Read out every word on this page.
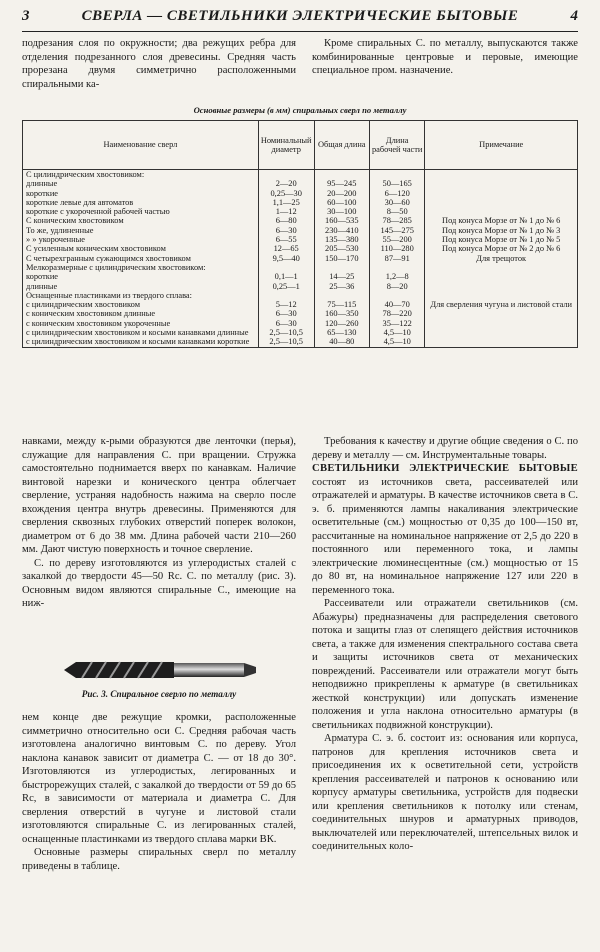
3	СВЕРЛА — СВЕТИЛЬНИКИ ЭЛЕКТРИЧЕСКИЕ БЫТОВЫЕ	4

подрезания слоя по окружности; два режущих ребра для отделения подрезанного слоя древесины. Средняя часть прорезана двумя симметрично расположенными спиральными ка-

Кроме спиральных С. по металлу, выпускаются также комбинированные центровые и перовые, имеющие специальное пром. назначение.

Основные размеры (в мм) спиральных сверл по металлу
Наименование сверл	Номинальный диаметр	Общая длина	Длина рабочей части	Примечание
С цилиндрическим хвостовиком:				
длинные	2—20	95—245	50—165	
короткие	0,25—30	20—200	6—120	
короткие левые для автоматов	1,1—25	60—100	30—60	
короткие с укороченной рабочей частью	1—12	30—100	8—50	
С коническим хвостовиком	6—80	160—535	78—285	Под конуса Морзе от № 1 до № 6
То же, удлиненные	6—30	230—410	145—275	Под конуса Морзе от № 1 до № 3
» » укороченные	6—55	135—380	55—200	Под конуса Морзе от № 1 до № 5
С усиленным коническим хвостовиком	12—65	205—530	110—280	Под конуса Морзе от № 2 до № 6
С четырехгранным сужающимся хвостовиком	9,5—40	150—170	87—91	Для трещоток
Мелкоразмерные с цилиндрическим хвостовиком:				
короткие	0,1—1	14—25	1,2—8	
длинные	0,25—1	25—36	8—20	
Оснащенные пластинками из твердого сплава:				
с цилиндрическим хвостовиком	5—12	75—115	40—70	Для сверления чугуна и листовой стали
с коническим хвостовиком длинные	6—30	160—350	78—220	
с коническим хвостовиком укороченные	6—30	120—260	35—122	
с цилиндрическим хвостовиком и косыми канавками длинные	2,5—10,5	65—130	4,5—10	
с цилиндрическим хвостовиком и косыми канавками короткие	2,5—10,5	40—80	4,5—10	

навками, между к-рыми образуются две ленточки (перья), служащие для направления С. при вращении. Стружка самостоятельно поднимается вверх по канавкам. Наличие винтовой нарезки и конического центра облегчает сверление, устраняя надобность нажима на сверло после вхождения центра внутрь древесины. Применяются для сверления сквозных глубоких отверстий поперек волокон, диаметром от 6 до 38 мм. Длина рабочей части 210—260 мм. Дают чистую поверхность и точное сверление.

С. по дереву изготовляются из углеродистых сталей с закалкой до твердости 45—50 Rc. С. по металлу (рис. 3). Основным видом являются спиральные С., имеющие на ниж-

Рис. 3. Спиральное сверло по металлу

нем конце две режущие кромки, расположенные симметрично относительно оси С. Средняя рабочая часть изготовлена аналогично винтовым С. по дереву. Угол наклона канавок зависит от диаметра С. — от 18 до 30°. Изготовляются из углеродистых, легированных и быстрорежущих сталей, с закалкой до твердости от 59 до 65 Rc, в зависимости от материала и диаметра С. Для сверления отверстий в чугуне и листовой стали изготовляются спиральные С. из легированных сталей, оснащенные пластинками из твердого сплава марки ВК.

Основные размеры спиральных сверл по металлу приведены в таблице.

Требования к качеству и другие общие сведения о С. по дереву и металлу — см. Инструментальные товары.

СВЕТИЛЬНИКИ ЭЛЕКТРИЧЕСКИЕ БЫТОВЫЕ состоят из источников света, рассеивателей или отражателей и арматуры. В качестве источников света в С. э. б. применяются лампы накаливания электрические осветительные (см.) мощностью от 0,35 до 100—150 вт, рассчитанные на номинальное напряжение от 2,5 до 220 в постоянного или переменного тока, и лампы электрические люминесцентные (см.) мощностью от 15 до 80 вт, на номинальное напряжение 127 или 220 в переменного тока.

Рассеиватели или отражатели светильников (см. Абажуры) предназначены для распределения светового потока и защиты глаз от слепящего действия источников света, а также для изменения спектрального состава света и защиты источников света от механических повреждений. Рассеиватели или отражатели могут быть неподвижно прикреплены к арматуре (в светильниках жесткой конструкции) или допускать изменение положения и угла наклона относительно арматуры (в светильниках подвижной конструкции).

Арматура С. э. б. состоит из: основания или корпуса, патронов для крепления источников света и присоединения их к осветительной сети, устройств крепления рассеивателей и патронов к основанию или корпусу арматуры светильника, устройств для подвески или крепления светильников к потолку или стенам, соединительных шнуров и арматурных приводов, выключателей или переключателей, штепсельных вилок и соединительных коло-
